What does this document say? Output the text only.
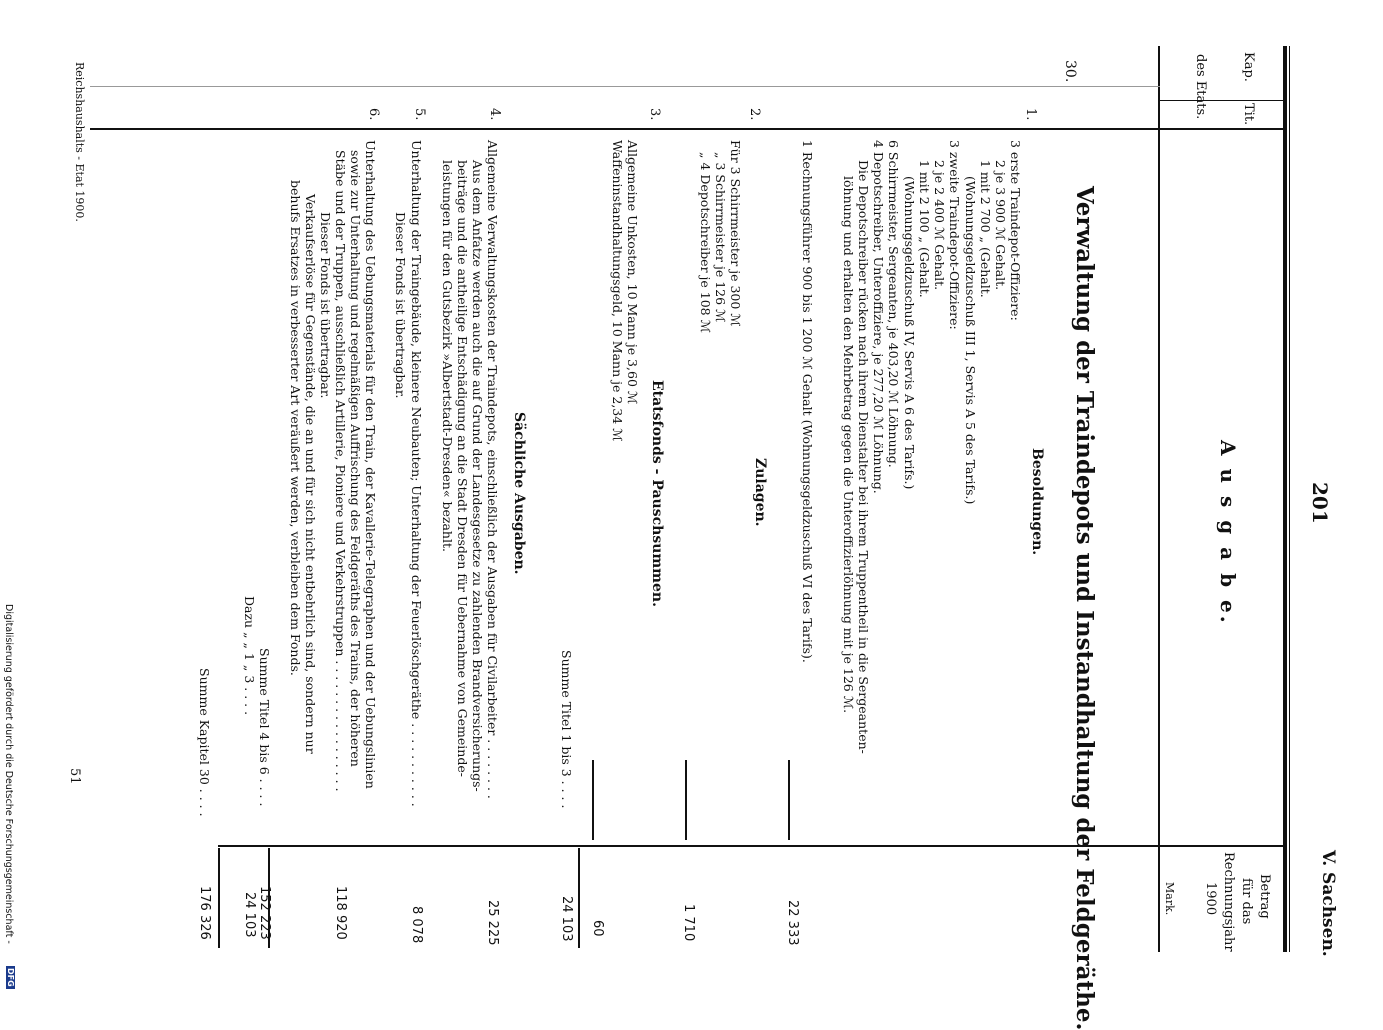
201
V. Sachsen.
Kap.
Tit.
des Etats.
Betrag
für das
Rechnungsjahr
1900
Mark.
A u s g a b e.
Verwaltung der Traindepots und Instandhaltung der Feldgeräthe.
30.
Besoldungen.
1.
3 erste Traindepot-Offiziere:
2 je 3 900 ℳ Gehalt.
1 mit 2 700 „ (Gehalt.
(Wohnungsgeldzuschuß III 1, Servis A 5 des Tarifs.)
3 zweite Traindepot-Offiziere:
2 je 2 400 ℳ Gehalt.
1 mit 2 100 „ (Gehalt.
(Wohnungsgeldzuschuß IV, Servis A 6 des Tarifs.)
6 Schirrmeister, Sergeanten, je 403,20 ℳ Löhnung.
4 Depotschreiber, Unteroffiziere, je 277,20 ℳ Löhnung.
Die Depotschreiber rücken nach ihrem Dienstalter bei ihrem Truppentheil in die Sergeanten-
löhnung und erhalten den Mehrbetrag gegen die Unteroffizierlöhnung mit je 126 ℳ.
1 Rechnungsführer 900 bis 1 200 ℳ Gehalt (Wohnungsgeldzuschuß VI des Tarifs).
22 333
Zulagen.
2.
Für 3 Schirrmeister je 300 ℳ
„ 3 Schirrmeister je 126 ℳ
„ 4 Depotschreiber je 108 ℳ
1 710
Etatsfonds - Pauschsummen.
3.
Allgemeine Unkosten, 10 Mann je 3,60 ℳ
Waffeninstandhaltungsgeld, 10 Mann je 2,34 ℳ
60
Summe Titel 1 bis 3 . . . .
24 103
Sächliche Ausgaben.
4.
Allgemeine Verwaltungskosten der Traindepots, einschließlich der Ausgaben für Civilarbeiter . . . . . . . .
Aus dem Anfatze werden auch die auf Grund der Landesgesetze zu zahlenden Brandversicherungs-
beiträge und die antheilige Entschädigung an die Stadt Dresden für Uebernahme von Gemeinde-
leistungen für den Gutsbezirk »Albertstadt-Dresden« bezahlt.
25 225
5.
Unterhaltung der Traingebäude, kleinere Neubauten; Unterhaltung der Feuerlöschgeräthe . . . . . . . . . . .
Dieser Fonds ist übertragbar.
8 078
6.
Unterhaltung des Uebungsmaterials für den Train, der Kavallerie-Telegraphen und der Uebungslinien
sowie zur Unterhaltung und regelmäßigen Auffrischung des Feldgeräths des Trains, der höheren
Stäbe und der Truppen, ausschließlich Artillerie, Pioniere und Verkehrstruppen . . . . . . . . . . . . . . . . .
Dieser Fonds ist übertragbar.
Verkaufserlöse für Gegenstände, die an und für sich nicht entbehrlich sind, sondern nur
behufs Ersatzes in verbesserter Art veräußert werden, verbleiben dem Fonds.
118 920
Summe Titel 4 bis 6 . . . .
152 223
Dazu „ „ 1 „ 3 . . . .
24 103
Summe Kapitel 30 . . . .
176 326
Reichshaushalts - Etat 1900.
51
Digitalisierung gefördert durch die Deutsche Forschungsgemeinschaft -
DFG
